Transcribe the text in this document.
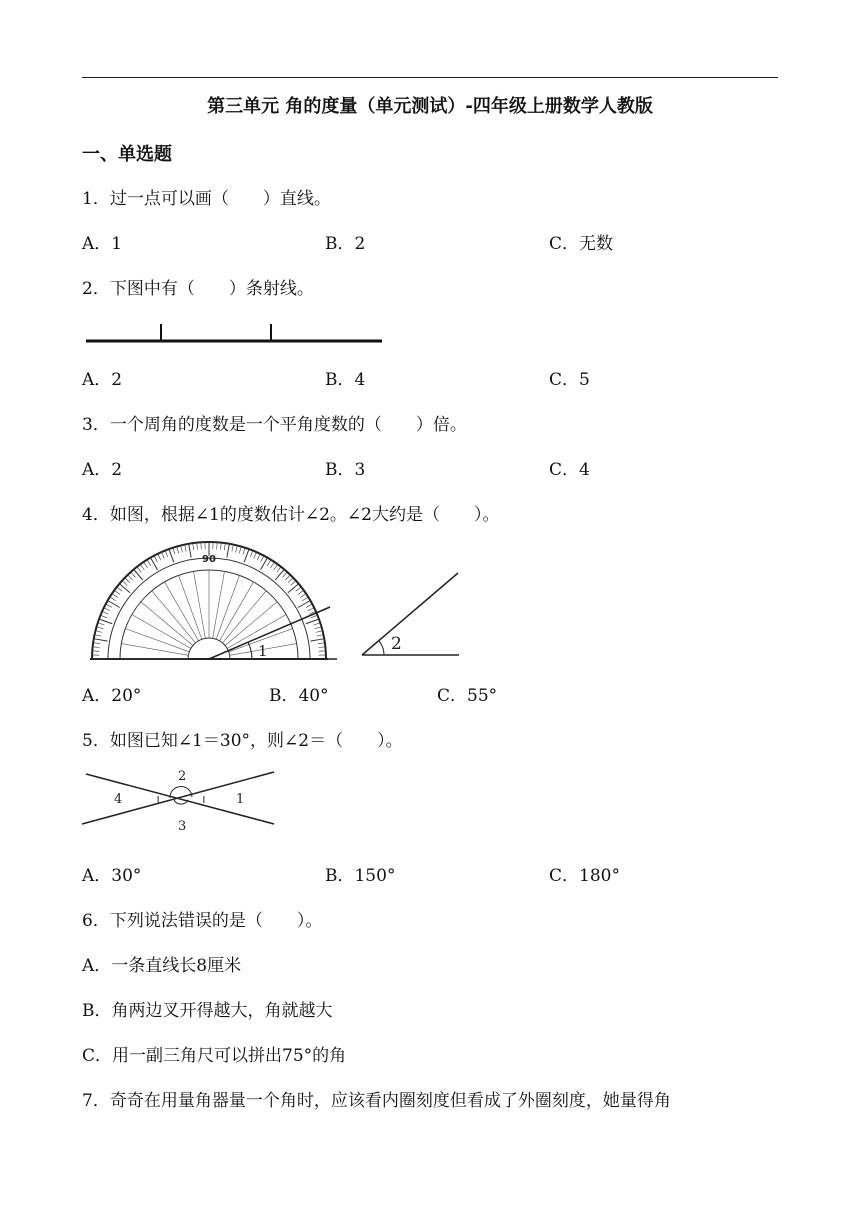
第三单元 角的度量（单元测试）-四年级上册数学人教版
一、单选题
1．过一点可以画（　　）直线。
A．1	B．2	C．无数
2．下图中有（　　）条射线。
A．2	B．4	C．5
3．一个周角的度数是一个平角度数的（　　）倍。
A．2	B．3	C．4
4．如图，根据∠1的度数估计∠2。∠2大约是（　　）。
90
1	2
A．20°	B．40°	C．55°
5．如图已知∠1＝30°，则∠2＝（　　）。
2
1
3
4
A．30°	B．150°	C．180°
6．下列说法错误的是（　　）。
A．一条直线长8厘米
B．角两边叉开得越大，角就越大
C．用一副三角尺可以拼出75°的角
7．奇奇在用量角器量一个角时，应该看内圈刻度但看成了外圈刻度，她量得角
